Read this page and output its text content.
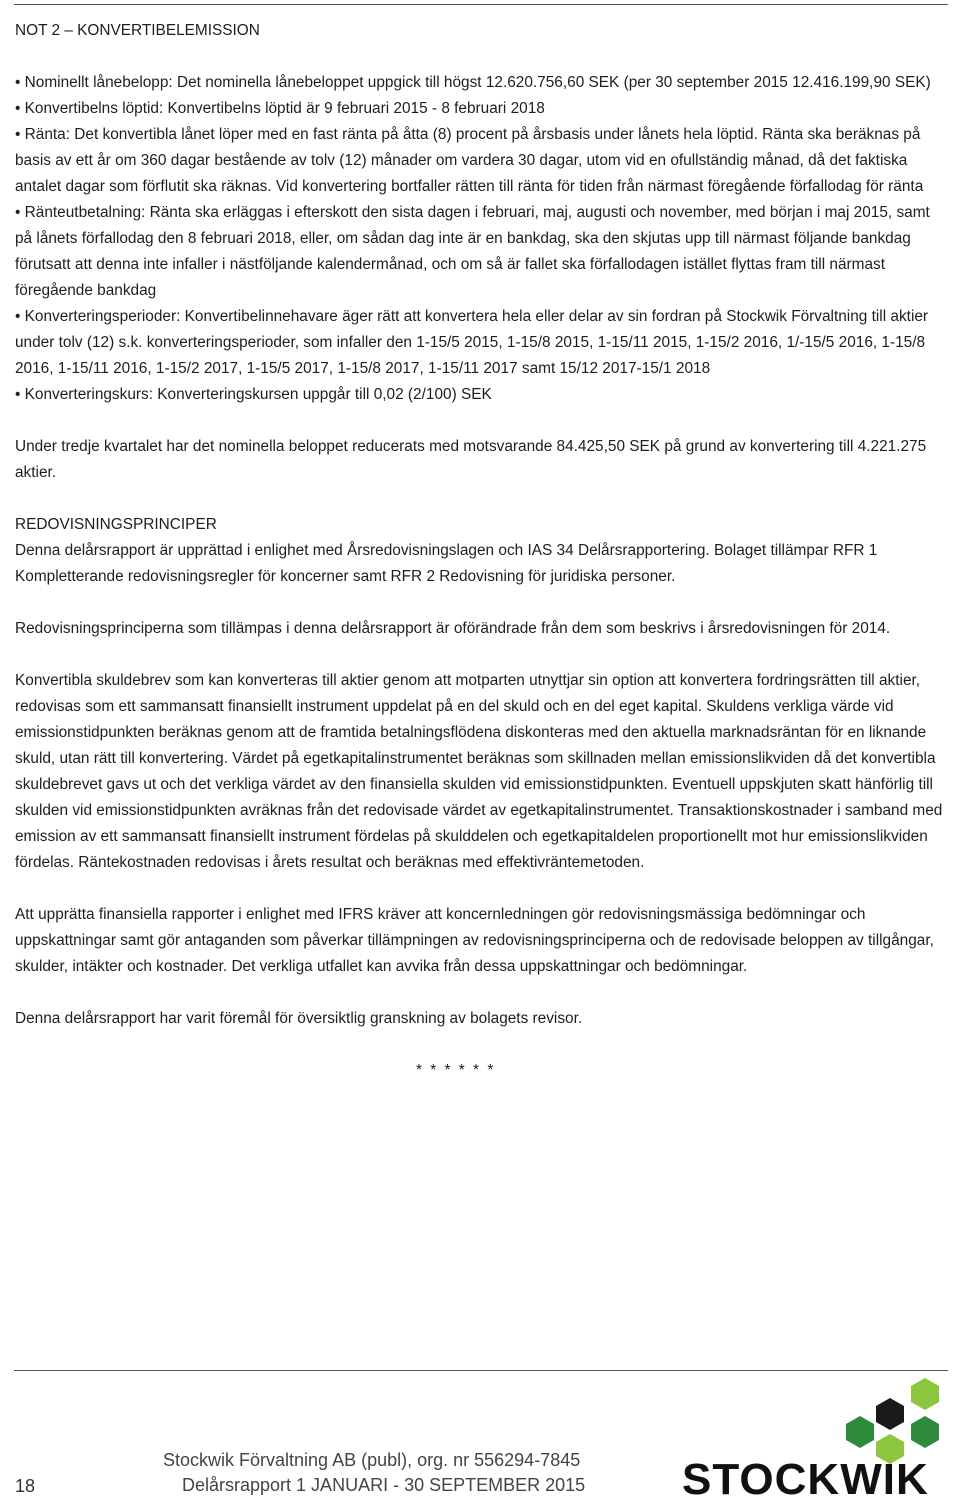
NOT 2 – KONVERTIBELEMISSION

• Nominellt lånebelopp: Det nominella lånebeloppet uppgick till högst 12.620.756,60 SEK (per 30 september 2015 12.416.199,90 SEK)

• Konvertibelns löptid: Konvertibelns löptid är 9 februari 2015 - 8 februari 2018

• Ränta: Det konvertibla lånet löper med en fast ränta på åtta (8) procent på årsbasis under lånets hela löptid. Ränta ska beräknas på basis av ett år om 360 dagar bestående av tolv (12) månader om vardera 30 dagar, utom vid en ofullständig månad, då det faktiska antalet dagar som förflutit ska räknas. Vid konvertering bortfaller rätten till ränta för tiden från närmast föregående förfallodag för ränta

• Ränteutbetalning: Ränta ska erläggas i efterskott den sista dagen i februari, maj, augusti och november, med början i maj 2015, samt på lånets förfallodag den 8 februari 2018, eller, om sådan dag inte är en bankdag, ska den skjutas upp till närmast följande bankdag förutsatt att denna inte infaller i nästföljande kalendermånad, och om så är fallet ska förfallodagen istället flyttas fram till närmast föregående bankdag

• Konverteringsperioder: Konvertibelinnehavare äger rätt att konvertera hela eller delar av sin fordran på Stockwik Förvaltning till aktier under tolv (12) s.k. konverteringsperioder, som infaller den 1-15/5 2015, 1-15/8 2015, 1-15/11 2015, 1-15/2 2016, 1/-15/5 2016, 1-15/8 2016, 1-15/11 2016, 1-15/2 2017, 1-15/5 2017, 1-15/8 2017, 1-15/11 2017 samt 15/12 2017-15/1 2018

• Konverteringskurs: Konverteringskursen uppgår till 0,02 (2/100) SEK

Under tredje kvartalet har det nominella beloppet reducerats med motsvarande 84.425,50 SEK på grund av konvertering till 4.221.275 aktier.

REDOVISNINGSPRINCIPER

Denna delårsrapport är upprättad i enlighet med Årsredovisningslagen och IAS 34 Delårsrapportering. Bolaget tillämpar RFR 1 Kompletterande redovisningsregler för koncerner samt RFR 2 Redovisning för juridiska personer.

Redovisningsprinciperna som tillämpas i denna delårsrapport är oförändrade från dem som beskrivs i årsredovisningen för 2014.

Konvertibla skuldebrev som kan konverteras till aktier genom att motparten utnyttjar sin option att konvertera fordringsrätten till aktier, redovisas som ett sammansatt finansiellt instrument uppdelat på en del skuld och en del eget kapital. Skuldens verkliga värde vid emissionstidpunkten beräknas genom att de framtida betalningsflödena diskonteras med den aktuella marknadsräntan för en liknande skuld, utan rätt till konvertering. Värdet på egetkapitalinstrumentet beräknas som skillnaden mellan emissionslikviden då det konvertibla skuldebrevet gavs ut och det verkliga värdet av den finansiella skulden vid emissionstidpunkten. Eventuell uppskjuten skatt hänförlig till skulden vid emissionstidpunkten avräknas från det redovisade värdet av egetkapitalinstrumentet. Transaktionskostnader i samband med emission av ett sammansatt finansiellt instrument fördelas på skulddelen och egetkapitaldelen proportionellt mot hur emissionslikviden fördelas. Räntekostnaden redovisas i årets resultat och beräknas med effektivräntemetoden.

Att upprätta finansiella rapporter i enlighet med IFRS kräver att koncernledningen gör redovisningsmässiga bedömningar och uppskattningar samt gör antaganden som påverkar tillämpningen av redovisningsprinciperna och de redovisade beloppen av tillgångar, skulder, intäkter och kostnader. Det verkliga utfallet kan avvika från dessa uppskattningar och bedömningar.

Denna delårsrapport har varit föremål för översiktlig granskning av bolagets revisor.

* * * * * *

18
Stockwik Förvaltning AB (publ), org. nr 556294-7845
Delårsrapport 1 JANUARI - 30 SEPTEMBER 2015 STOCKWIK
